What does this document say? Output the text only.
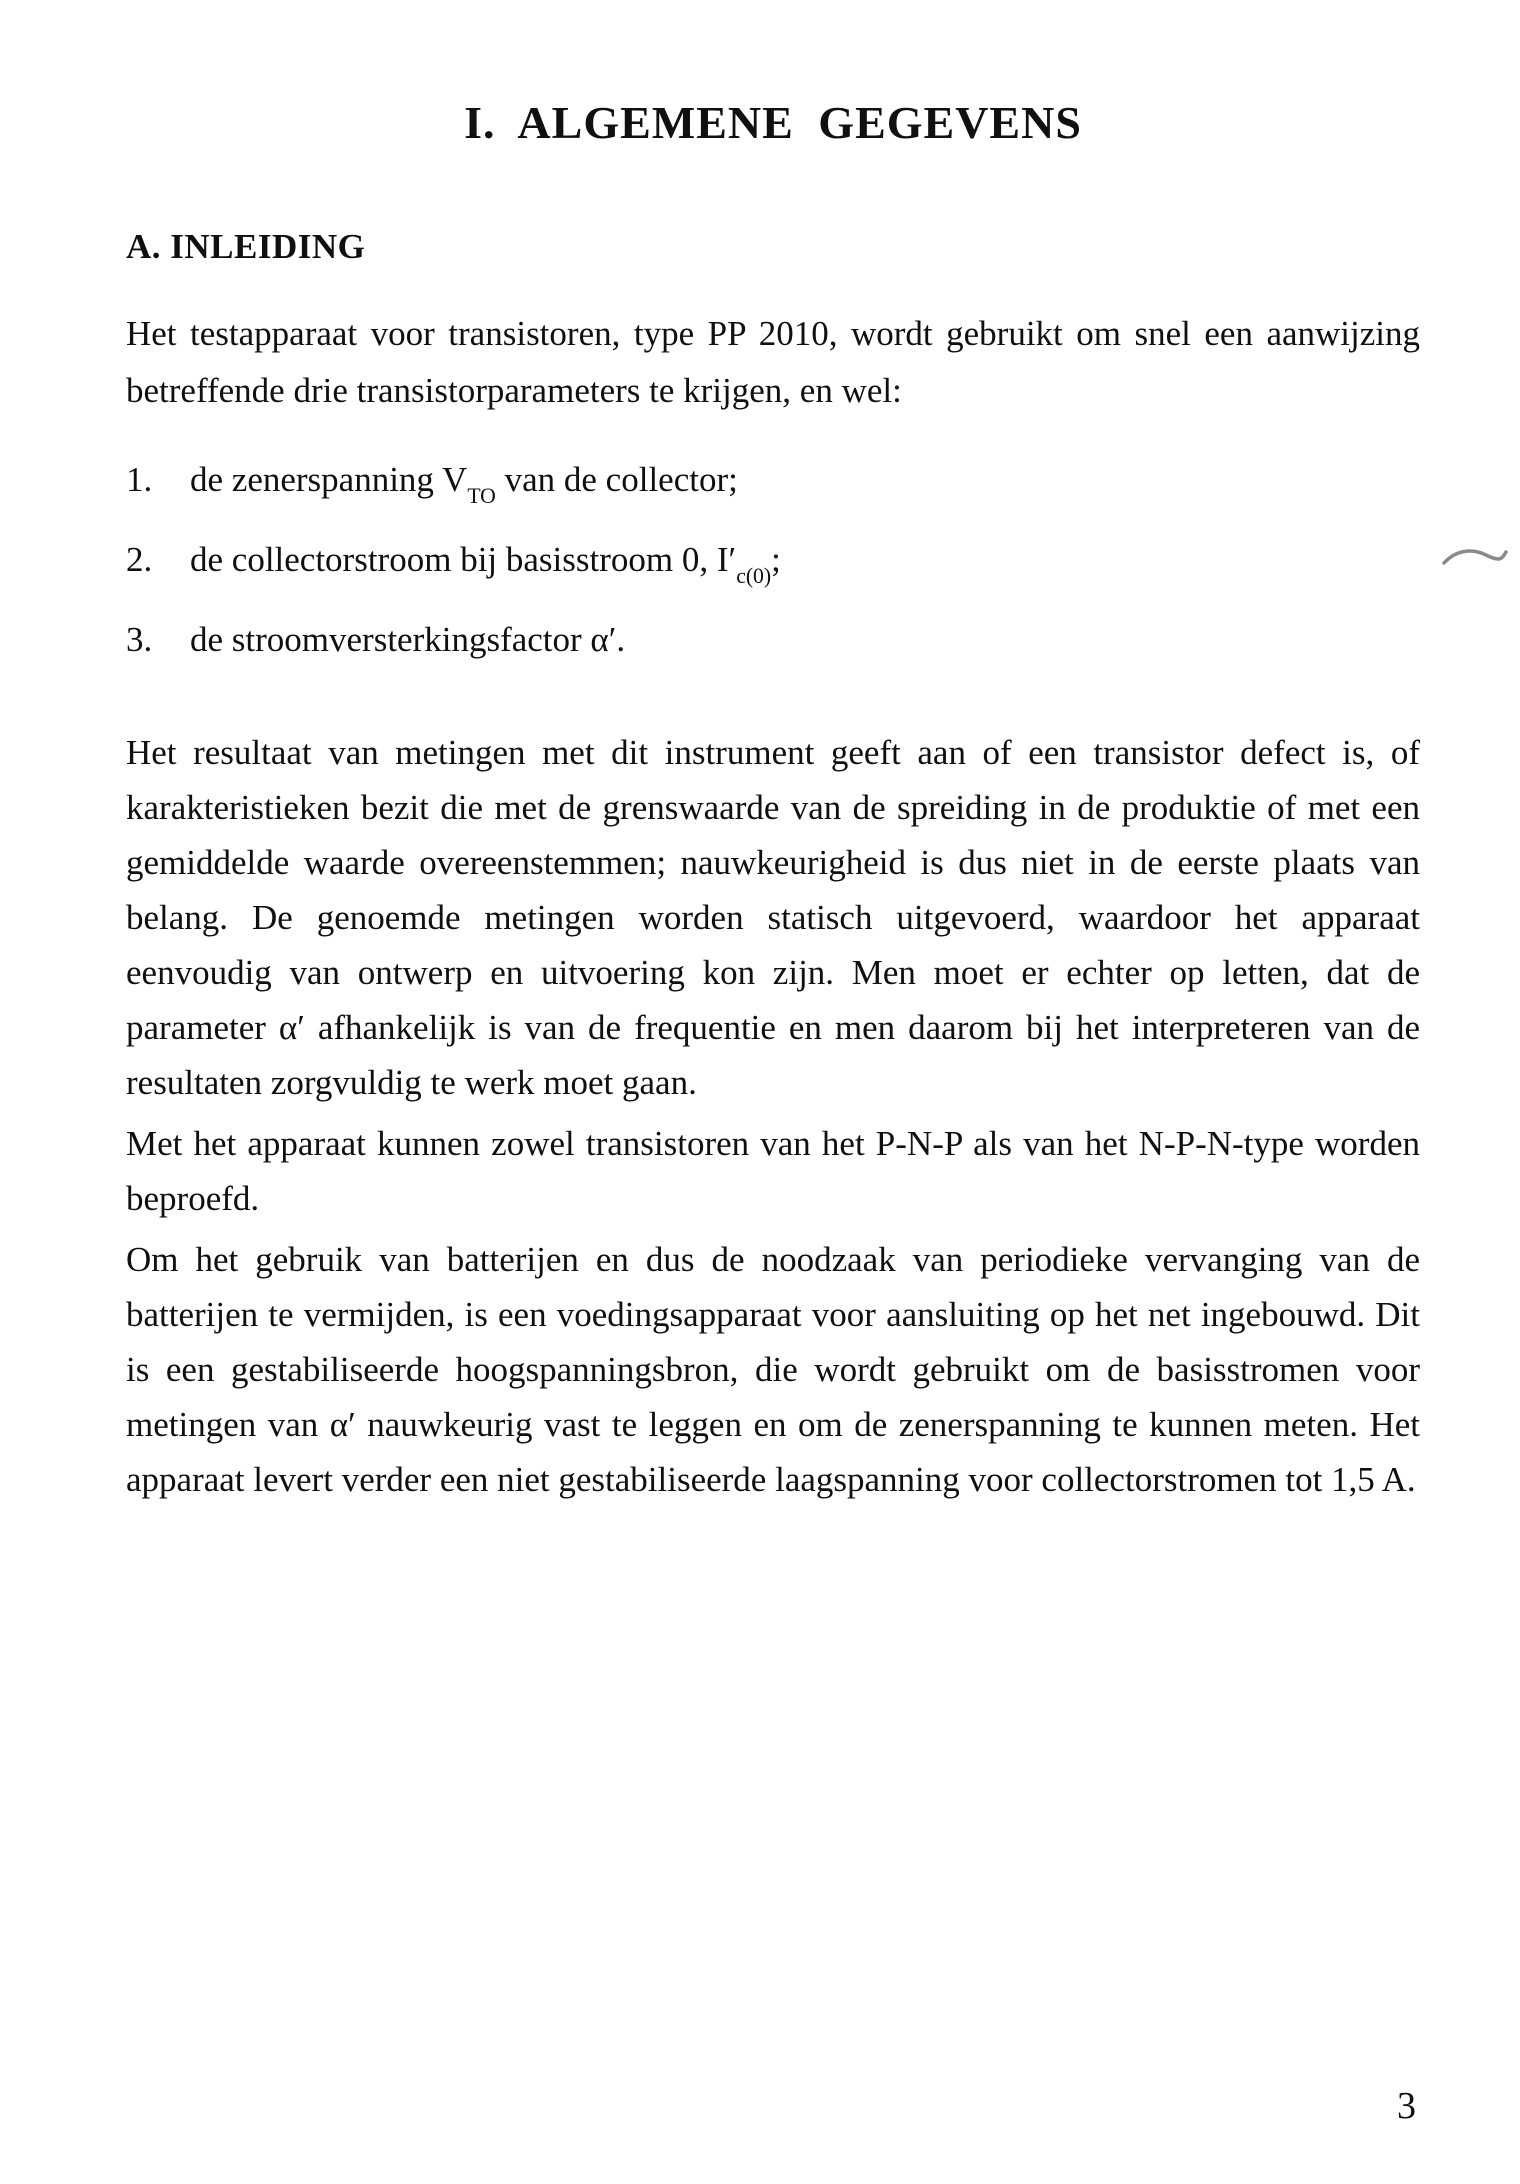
I. ALGEMENE GEGEVENS
A. INLEIDING

Het testapparaat voor transistoren, type PP 2010, wordt gebruikt om snel een aanwijzing betreffende drie transistorparameters te krijgen, en wel:

1.	de zenerspanning $V_{TO}$ van de collector;
2.	de collectorstroom bij basisstroom 0, $I'_{c(0)}$;
3.	de stroomversterkingsfactor α′.

Het resultaat van metingen met dit instrument geeft aan of een transistor defect is, of karakteristieken bezit die met de grenswaarde van de spreiding in de produktie of met een gemiddelde waarde overeenstemmen; nauwkeurigheid is dus niet in de eerste plaats van belang. De genoemde metingen worden statisch uitgevoerd, waardoor het apparaat eenvoudig van ontwerp en uitvoering kon zijn. Men moet er echter op letten, dat de parameter α′ afhankelijk is van de frequentie en men daarom bij het interpreteren van de resultaten zorgvuldig te werk moet gaan.

Met het apparaat kunnen zowel transistoren van het P-N-P als van het N-P-N-type worden beproefd.

Om het gebruik van batterijen en dus de noodzaak van periodieke vervanging van de batterijen te vermijden, is een voedingsapparaat voor aansluiting op het net ingebouwd. Dit is een gestabiliseerde hoogspanningsbron, die wordt gebruikt om de basisstromen voor metingen van α′ nauwkeurig vast te leggen en om de zenerspanning te kunnen meten. Het apparaat levert verder een niet gestabiliseerde laagspanning voor collectorstromen tot 1,5 A.

3
